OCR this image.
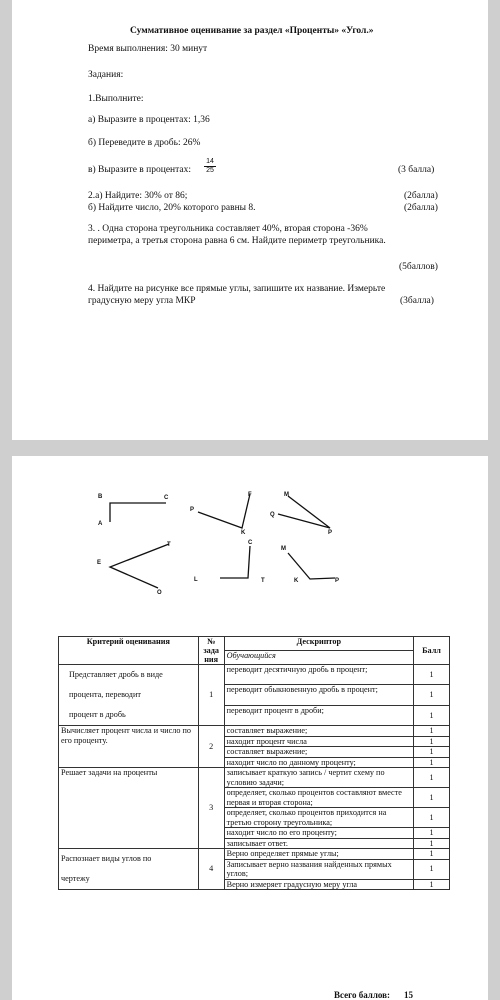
Суммативное оценивание за раздел «Проценты» «Угол.»
Время выполнения: 30 минут
Задания:
1.Выполните:
а) Выразите в процентах: 1,36
б) Переведите в дробь: 26%
в) Выразите в процентах: $\frac{14}{25}$	(3 балла)
2.а) Найдите: 30% от 86;	(2балла)
б) Найдите число, 20% которого равны 8.	(2балла)
3. . Одна сторона треугольника составляет 40%, вторая сторона -36%
периметра, а третья сторона равна 6 см. Найдите периметр треугольника.
(5баллов)
4. Найдите на рисунке все прямые углы, запишите их название. Измерьте
градусную меру угла МКР	(3балла)
B	C
A
F
P
K
M
Q
P
E
T
O
C
L	T
M
K	P
Критерий оценивания	№
зада
ния	Дескриптор	Балл
		Обучающийся	

Представляет дробь в виде
процента, переводит
процент в дробь	1	переводит десятичную дробь в процент;	1
		переводит обыкновенную дробь в процент;	1
		переводит процент в дроби;	1
Вычисляет процент числа и число по его проценту.	2	составляет выражение;	1
		находит процент числа	1
		составляет выражение;	1
		находит число по данному проценту;	1
Решает задачи на проценты	3	записывает краткую запись / чертит схему по условию задачи;	1
		определяет, сколько процентов составляют вместе первая и вторая сторона;	1
		определяет, сколько процентов приходится на третью сторону треугольника;	1
		находит число по его проценту;	1
		записывает ответ.	1

Распознает виды углов по
чертежу	4	Верно определяет прямые углы;	1
		Записывает верно названия найденных прямых углов;	1
		Верно измеряет градусную меру угла	1
Всего баллов: 15
